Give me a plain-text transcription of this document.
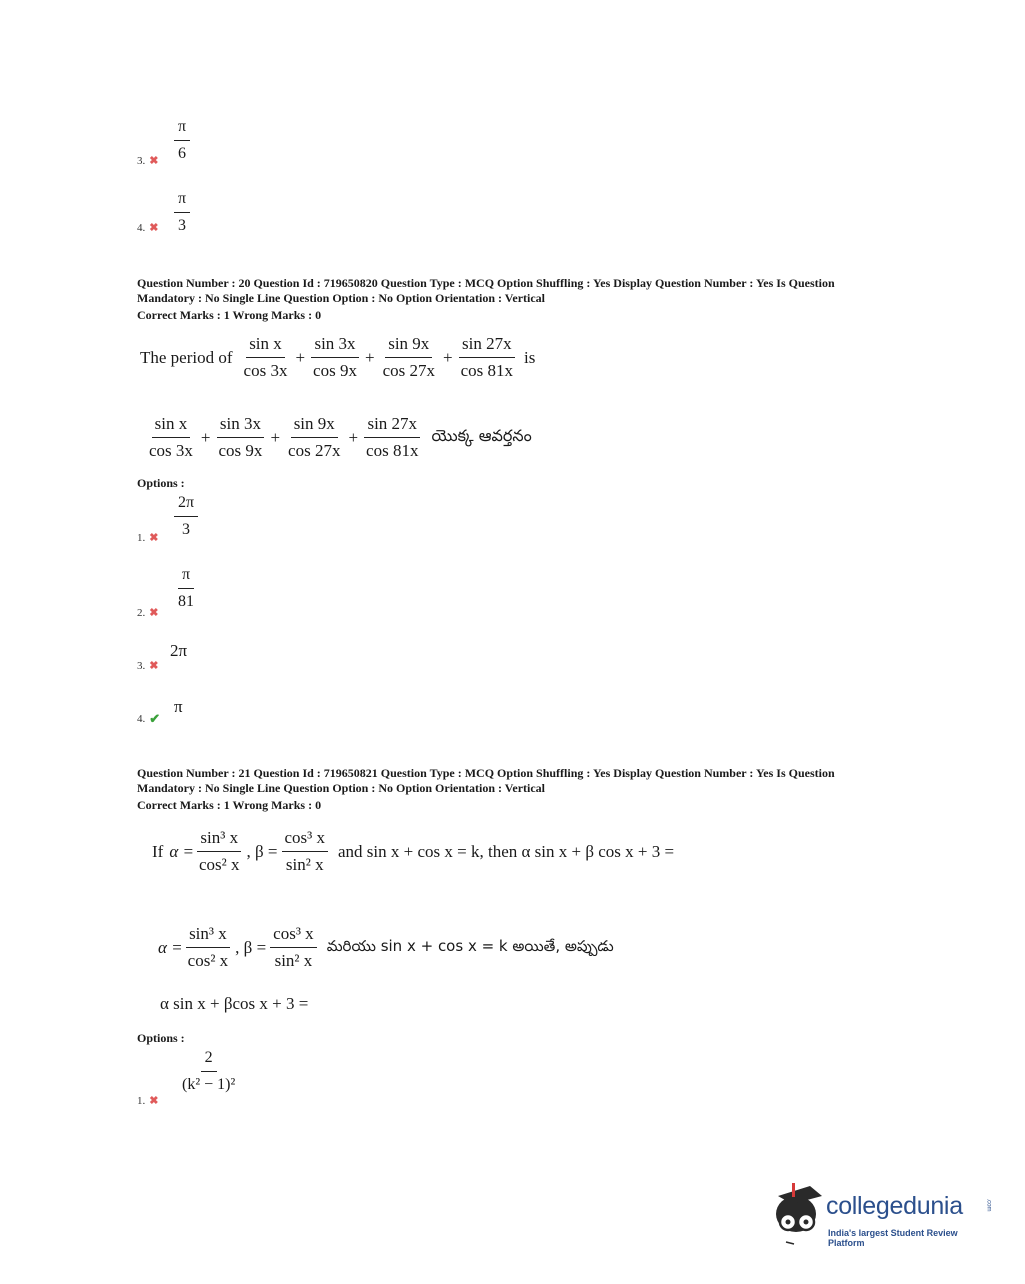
$\frac{\pi}{6}$
3. ✖
$\frac{\pi}{3}$
4. ✖
Question Number : 20 Question Id : 719650820 Question Type : MCQ Option Shuffling : Yes Display Question Number : Yes Is Question
Mandatory : No Single Line Question Option : No Option Orientation : Vertical
Correct Marks : 1 Wrong Marks : 0
The period of $\frac{\text{sin x}}{\cos 3x} + \frac{\sin 3x}{\cos 9x} + \frac{\sin 9x}{\cos 27x} + \frac{\sin 27x}{\cos 81x}$ is
$\frac{\text{sin x}}{\cos 3x} + \frac{\sin 3x}{\cos 9x} + \frac{\sin 9x}{\cos 27x} + \frac{\sin 27x}{\cos 81x}$ యొక్క ఆవర్తనం
Options :
$\frac{2\pi}{3}$
1. ✖
$\frac{\pi}{81}$
2. ✖
2π
3. ✖
π
4. ✔
Question Number : 21 Question Id : 719650821 Question Type : MCQ Option Shuffling : Yes Display Question Number : Yes Is Question
Mandatory : No Single Line Question Option : No Option Orientation : Vertical
Correct Marks : 1 Wrong Marks : 0
If $\alpha = \frac{\text{sin³ x}}{\text{cos² x}}$ , $\beta = \frac{\text{cos³ x}}{\text{sin² x}}$ and sin x + cos x = k, then α sin x + β cos x + 3 =
$\alpha = \frac{\text{sin³ x}}{\text{cos² x}}$ , $\beta = \frac{\text{cos³ x}}{\text{sin² x}}$ మరియు sin x + cos x = k అయితే, అప్పుడు
α sin x + βcos x + 3 =
Options :
$\frac{2}{\text{(k² − 1)²}}$
1. ✖
collegedunia	.com
India's largest Student Review Platform
